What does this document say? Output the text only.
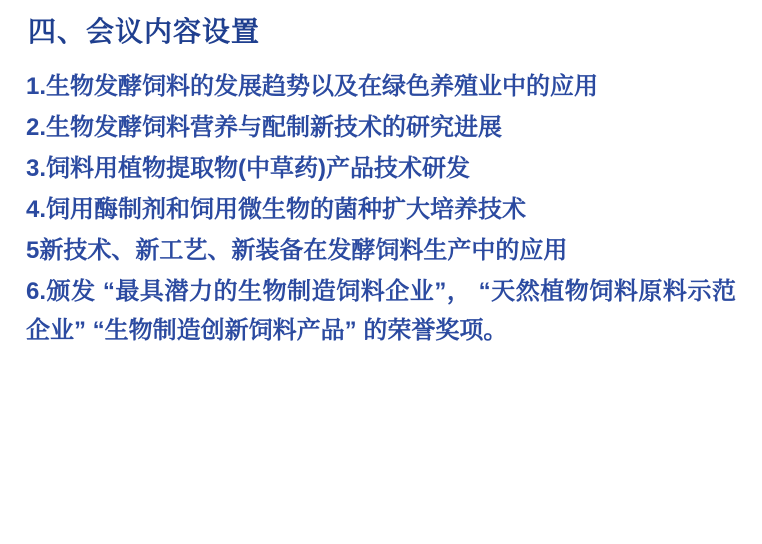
四、会议内容设置
1.生物发酵饲料的发展趋势以及在绿色养殖业中的应用
2.生物发酵饲料营养与配制新技术的研究进展
3.饲料用植物提取物(中草药)产品技术研发
4.饲用酶制剂和饲用微生物的菌种扩大培养技术
5新技术、新工艺、新装备在发酵饲料生产中的应用
6.颁发 “最具潜力的生物制造饲料企业”， “天然植物饲料原料示范企业” “生物制造创新饲料产品” 的荣誉奖项。
